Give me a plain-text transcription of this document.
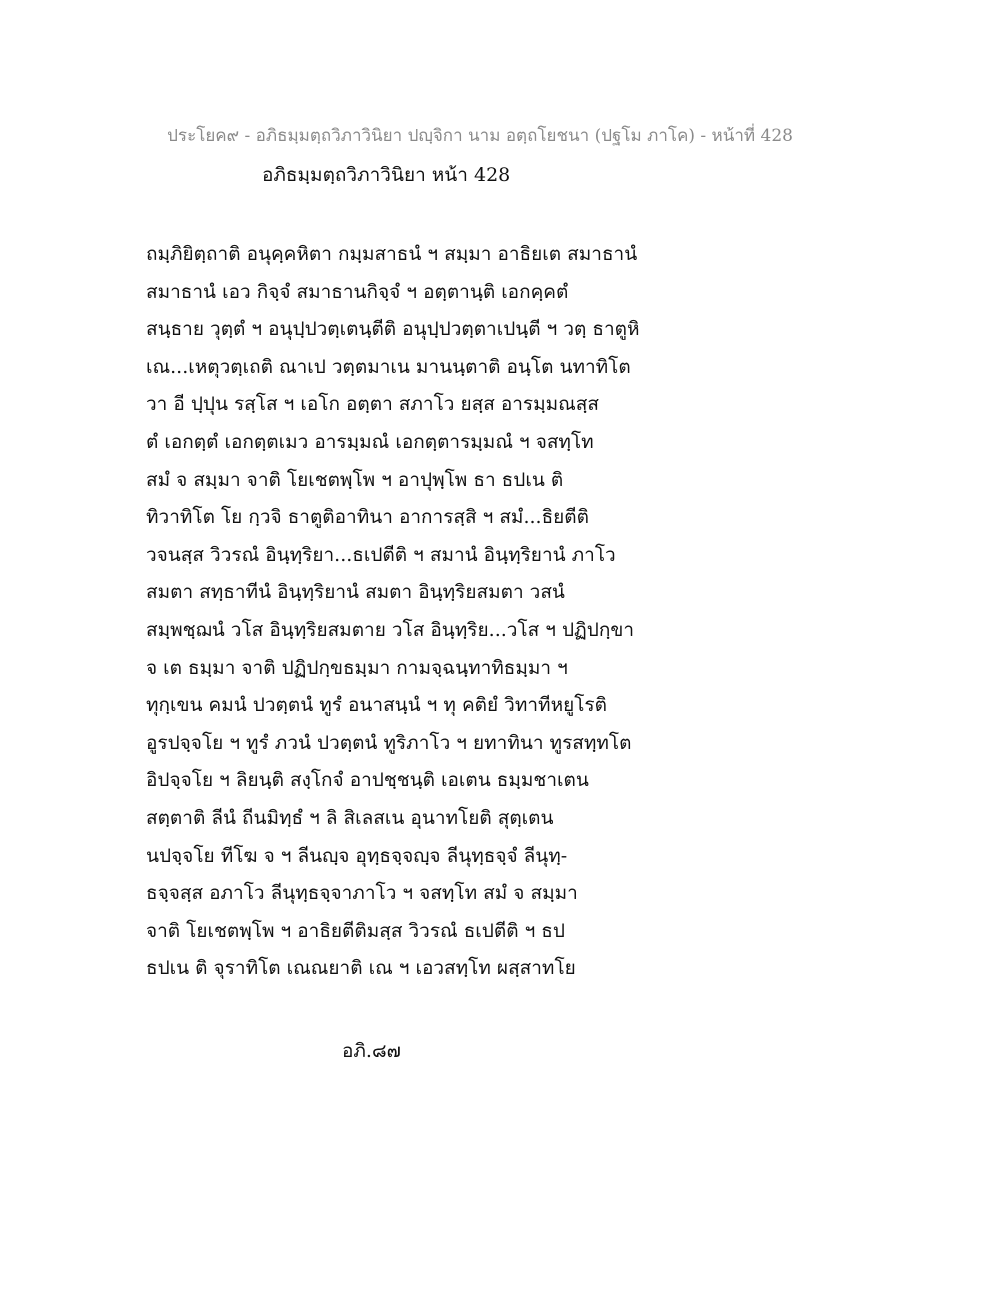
ประโยค๙ - อภิธมฺมตฺถวิภาวินิยา ปญฺจิกา นาม อตฺถโยชนา (ปฐโม ภาโค) - หน้าที่ 428
อภิธมฺมตฺถวิภาวินิยา หน้า 428
ถมฺภิยิตฺถาติ อนุคฺคหิตา กมฺมสาธนํ ฯ สมฺมา อาธิยเต สมาธานํ
สมาธานํ เอว กิจฺจํ สมาธานกิจฺจํ ฯ อตฺตานฺติ เอกคฺคตํ
สนฺธาย วุตฺตํ ฯ อนุปฺปวตฺเตนฺตีติ อนุปฺปวตฺตาเปนฺตี ฯ วตฺ ธาตูหิ
เณ...เหตุวตฺเถติ ณาเป วตฺตมาเน มานนฺตาติ อนฺโต นทาทิโต
วา อี ปฺปุน รสฺโส ฯ เอโก อตฺตา สภาโว ยสฺส อารมฺมณสฺส
ตํ เอกตฺตํ เอกตฺตเมว อารมฺมณํ เอกตฺตารมฺมณํ ฯ จสทฺโท
สมํ จ สมฺมา จาติ โยเชตพฺโพ ฯ อาปุพฺโพ ธา ธปเน ติ
ทิวาทิโต โย กฺวจิ ธาตูติอาทินา อาการสฺสิ ฯ สมํ...ธิยตีติ
วจนสฺส วิวรณํ อินฺทฺริยา...ธเปตีติ ฯ สมานํ อินฺทฺริยานํ ภาโว
สมตา สทฺธาทีนํ อินฺทฺริยานํ สมตา อินฺทฺริยสมตา วสนํ
สมฺพชฺฌนํ วโส อินฺทฺริยสมตาย วโส อินฺทฺริย...วโส ฯ ปฏิปกฺขา
จ เต ธมฺมา จาติ ปฏิปกฺขธมฺมา กามจฺฉนฺทาทิธมฺมา ฯ
ทุกฺเขน คมนํ ปวตฺตนํ ทูรํ อนาสนฺนํ ฯ ทุ คติยํ วิทาทีหยูโรติ
อูรปจฺจโย ฯ ทูรํ ภวนํ ปวตฺตนํ ทูริภาโว ฯ ยทาทินา ทูรสทฺทโต
อิปจฺจโย ฯ ลิยนฺติ สงฺโกจํ อาปชฺชนฺติ เอเตน ธมฺมชาเตน
สตฺตาติ ลีนํ ถีนมิทฺธํ ฯ ลิ สิเลสเน อุนาทโยติ สุตฺเตน
นปจฺจโย ทีโฆ จ ฯ ลีนญฺจ อุทฺธจฺจญฺจ ลีนุทฺธจฺจํ ลีนุทฺ-
ธจฺจสฺส อภาโว ลีนุทฺธจฺจาภาโว ฯ จสทฺโท สมํ จ สมฺมา
จาติ โยเชตพฺโพ ฯ อาธิยตีติมสฺส วิวรณํ ธเปตีติ ฯ ธป
ธปเน ติ จุราทิโต เณณยาติ เณ ฯ เอวสทฺโท ผสฺสาทโย
อภิ.๘๗
